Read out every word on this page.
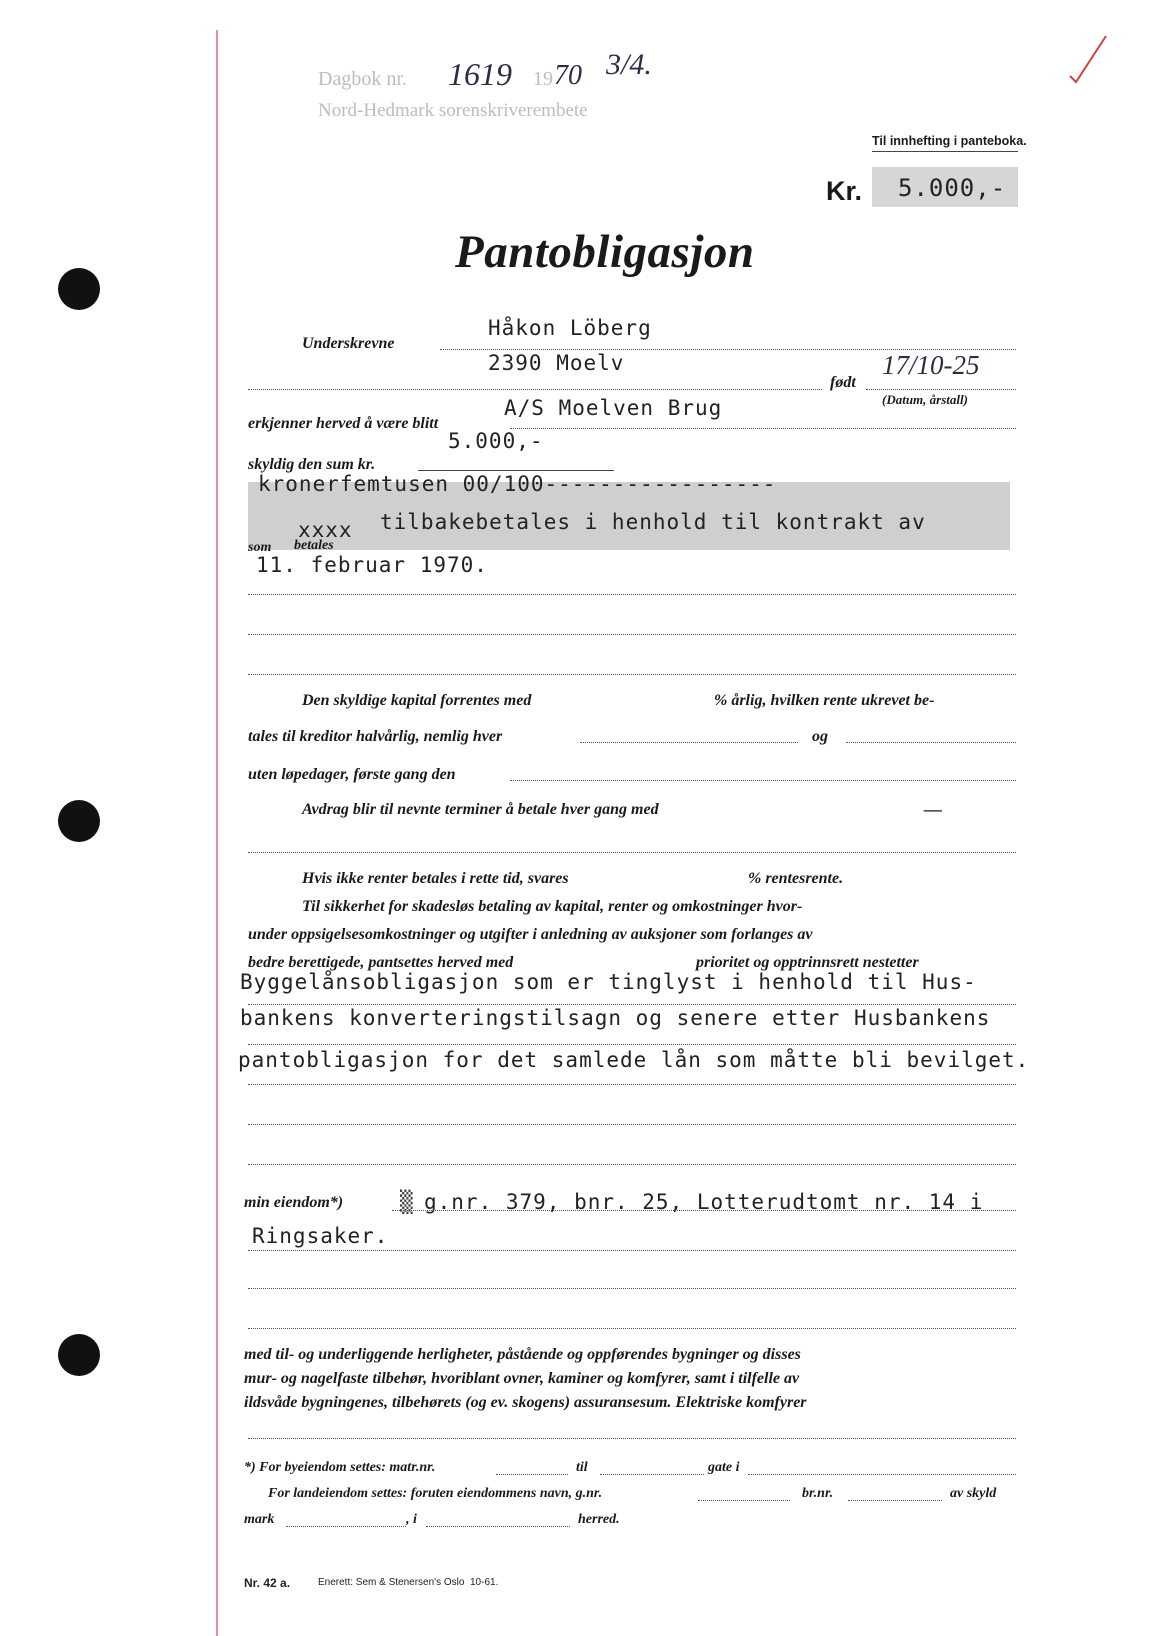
Dagbok nr. 1619 19 70 3/4.
Nord-Hedmark sorenskriverembete
Til innhefting i panteboka.
Kr. 5.000,-
Pantobligasjon
Underskrevne
Håkon Löberg
2390 Moelv	17/10-25
født
(Datum, årstall)
A/S Moelven Brug
erkjenner herved å være blitt
5.000,-
skyldig den sum kr.
kronerfemtusen 00/100-----------------
xxxx tilbakebetales i henhold til kontrakt av
som betales
11. februar 1970.
Den skyldige kapital forrentes med	% årlig, hvilken rente ukrevet be-
tales til kreditor halvårlig, nemlig hver	og
uten løpedager, første gang den
Avdrag blir til nevnte terminer å betale hver gang med	—
Hvis ikke renter betales i rette tid, svares	% rentesrente.
Til sikkerhet for skadesløs betaling av kapital, renter og omkostninger hvor-
under oppsigelsesomkostninger og utgifter i anledning av auksjoner som forlanges av
bedre berettigede, pantsettes herved med	prioritet og opptrinnsrett nestetter
Byggelånsobligasjon som er tinglyst i henhold til Hus-
bankens konverteringstilsagn og senere etter Husbankens
pantobligasjon for det samlede lån som måtte bli bevilget.
min eiendom*)	▒ g.nr. 379, bnr. 25, Lotterudtomt nr. 14 i
Ringsaker.
med til- og underliggende herligheter, påstående og oppførendes bygninger og disses
mur- og nagelfaste tilbehør, hvoriblant ovner, kaminer og komfyrer, samt i tilfelle av
ildsvåde bygningenes, tilbehørets (og ev. skogens) assuransesum. Elektriske komfyrer
*) For byeiendom settes: matr.nr.	til	gate i
For landeiendom settes: foruten eiendommens navn, g.nr.	br.nr.	av skyld
mark	, i	herred.
Nr. 42 a.	Enerett: Sem & Stenersen's Oslo 10-61.
